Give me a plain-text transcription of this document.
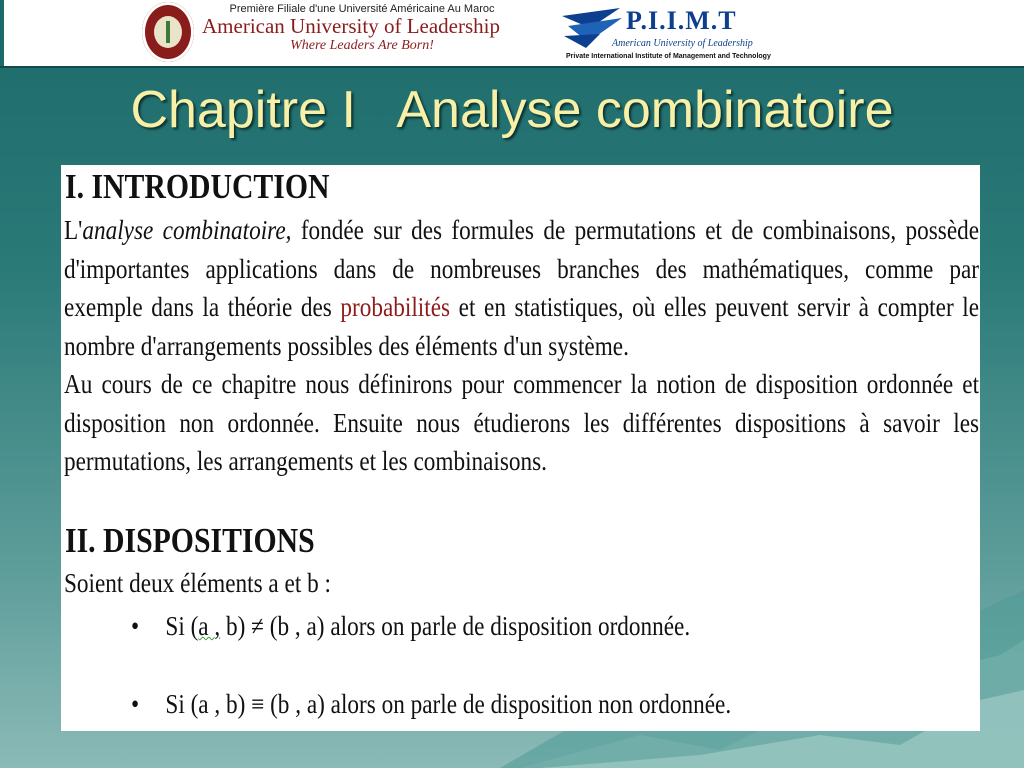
Première Filiale d'une Université Américaine Au Maroc
American University of Leadership
Where Leaders Are Born!
P.I.I.M.T
American University of Leadership
Private International Institute of Management and Technology
Chapitre I   Analyse combinatoire
I. INTRODUCTION
L'analyse combinatoire, fondée sur des formules de permutations et de combinaisons, possède
d'importantes applications dans de nombreuses branches des mathématiques, comme par
exemple dans la théorie des probabilités et en statistiques, où elles peuvent servir à compter le
nombre d'arrangements possibles des éléments d'un système.
Au cours de ce chapitre nous définirons pour commencer la notion de disposition ordonnée et
disposition non ordonnée. Ensuite nous étudierons les différentes dispositions à savoir les
permutations, les arrangements et les combinaisons.
II. DISPOSITIONS
Soient deux éléments a et b :
• Si (a , b) ≠ (b , a) alors on parle de disposition ordonnée.
• Si (a , b) ≡ (b , a) alors on parle de disposition non ordonnée.
